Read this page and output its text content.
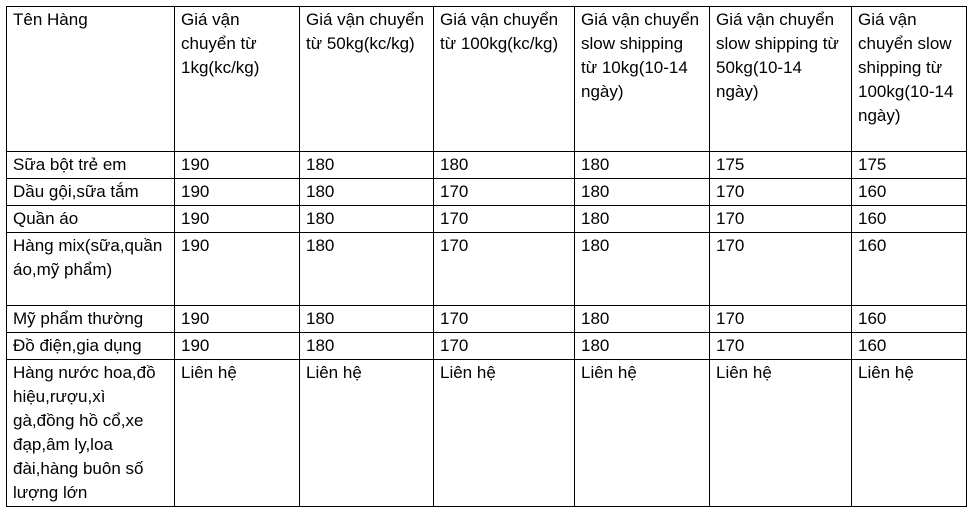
Tên Hàng	Giá vận chuyển từ 1kg(kc/kg)	Giá vận chuyển từ 50kg(kc/kg)	Giá vận chuyển từ 100kg(kc/kg)	Giá vận chuyển slow shipping từ 10kg(10-14 ngày)	Giá vận chuyển slow shipping từ 50kg(10-14 ngày)	Giá vận chuyển slow shipping từ 100kg(10-14 ngày)
Sữa bột trẻ em	190	180	180	180	175	175
Dầu gội,sữa tắm	190	180	170	180	170	160
Quần áo	190	180	170	180	170	160
Hàng mix(sữa,quần áo,mỹ phẩm)	190	180	170	180	170	160
Mỹ phẩm thường	190	180	170	180	170	160
Đồ điện,gia dụng	190	180	170	180	170	160
Hàng nước hoa,đồ hiệu,rượu,xì gà,đồng hồ cổ,xe đạp,âm ly,loa đài,hàng buôn số lượng lớn	Liên hệ	Liên hệ	Liên hệ	Liên hệ	Liên hệ	Liên hệ
